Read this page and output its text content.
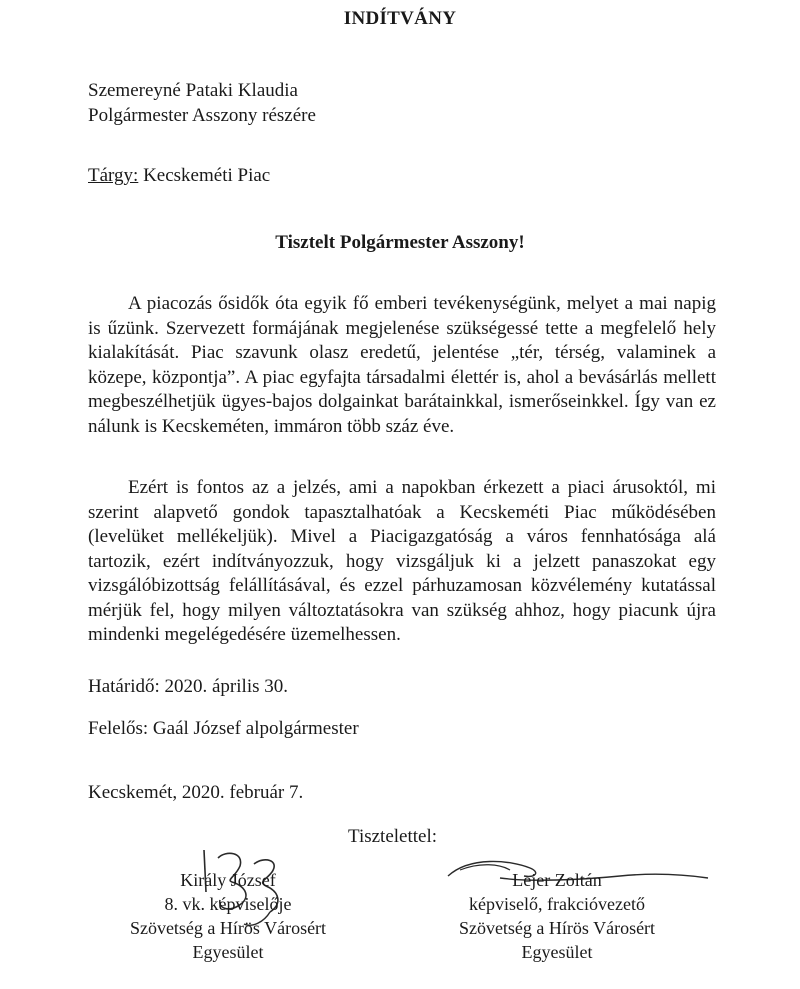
INDÍTVÁNY
Szemereyné Pataki Klaudia
Polgármester Asszony részére
Tárgy: Kecskeméti Piac
Tisztelt Polgármester Asszony!

A piacozás ősidők óta egyik fő emberi tevékenységünk, melyet a mai napig is űzünk. Szervezett formájának megjelenése szükségessé tette a megfelelő hely kialakítását. Piac szavunk olasz eredetű, jelentése „tér, térség, valaminek a közepe, központja”. A piac egyfajta társadalmi élettér is, ahol a bevásárlás mellett megbeszélhetjük ügyes-bajos dolgainkat barátainkkal, ismerőseinkkel. Így van ez nálunk is Kecskeméten, immáron több száz éve.

Ezért is fontos az a jelzés, ami a napokban érkezett a piaci árusoktól, mi szerint alapvető gondok tapasztalhatóak a Kecskeméti Piac működésében (levelüket mellékeljük). Mivel a Piacigazgatóság a város fennhatósága alá tartozik, ezért indítványozzuk, hogy vizsgáljuk ki a jelzett panaszokat egy vizsgálóbizottság felállításával, és ezzel párhuzamosan közvélemény kutatással mérjük fel, hogy milyen változtatásokra van szükség ahhoz, hogy piacunk újra mindenki megelégedésére üzemelhessen.

Határidő: 2020. április 30.
Felelős: Gaál József alpolgármester
Kecskemét, 2020. február 7.
Tisztelettel:
Király József
8. vk. képviselője
Szövetség a Hírös Városért
Egyesület
Lejer Zoltán
képviselő, frakcióvezető
Szövetség a Hírös Városért
Egyesület
